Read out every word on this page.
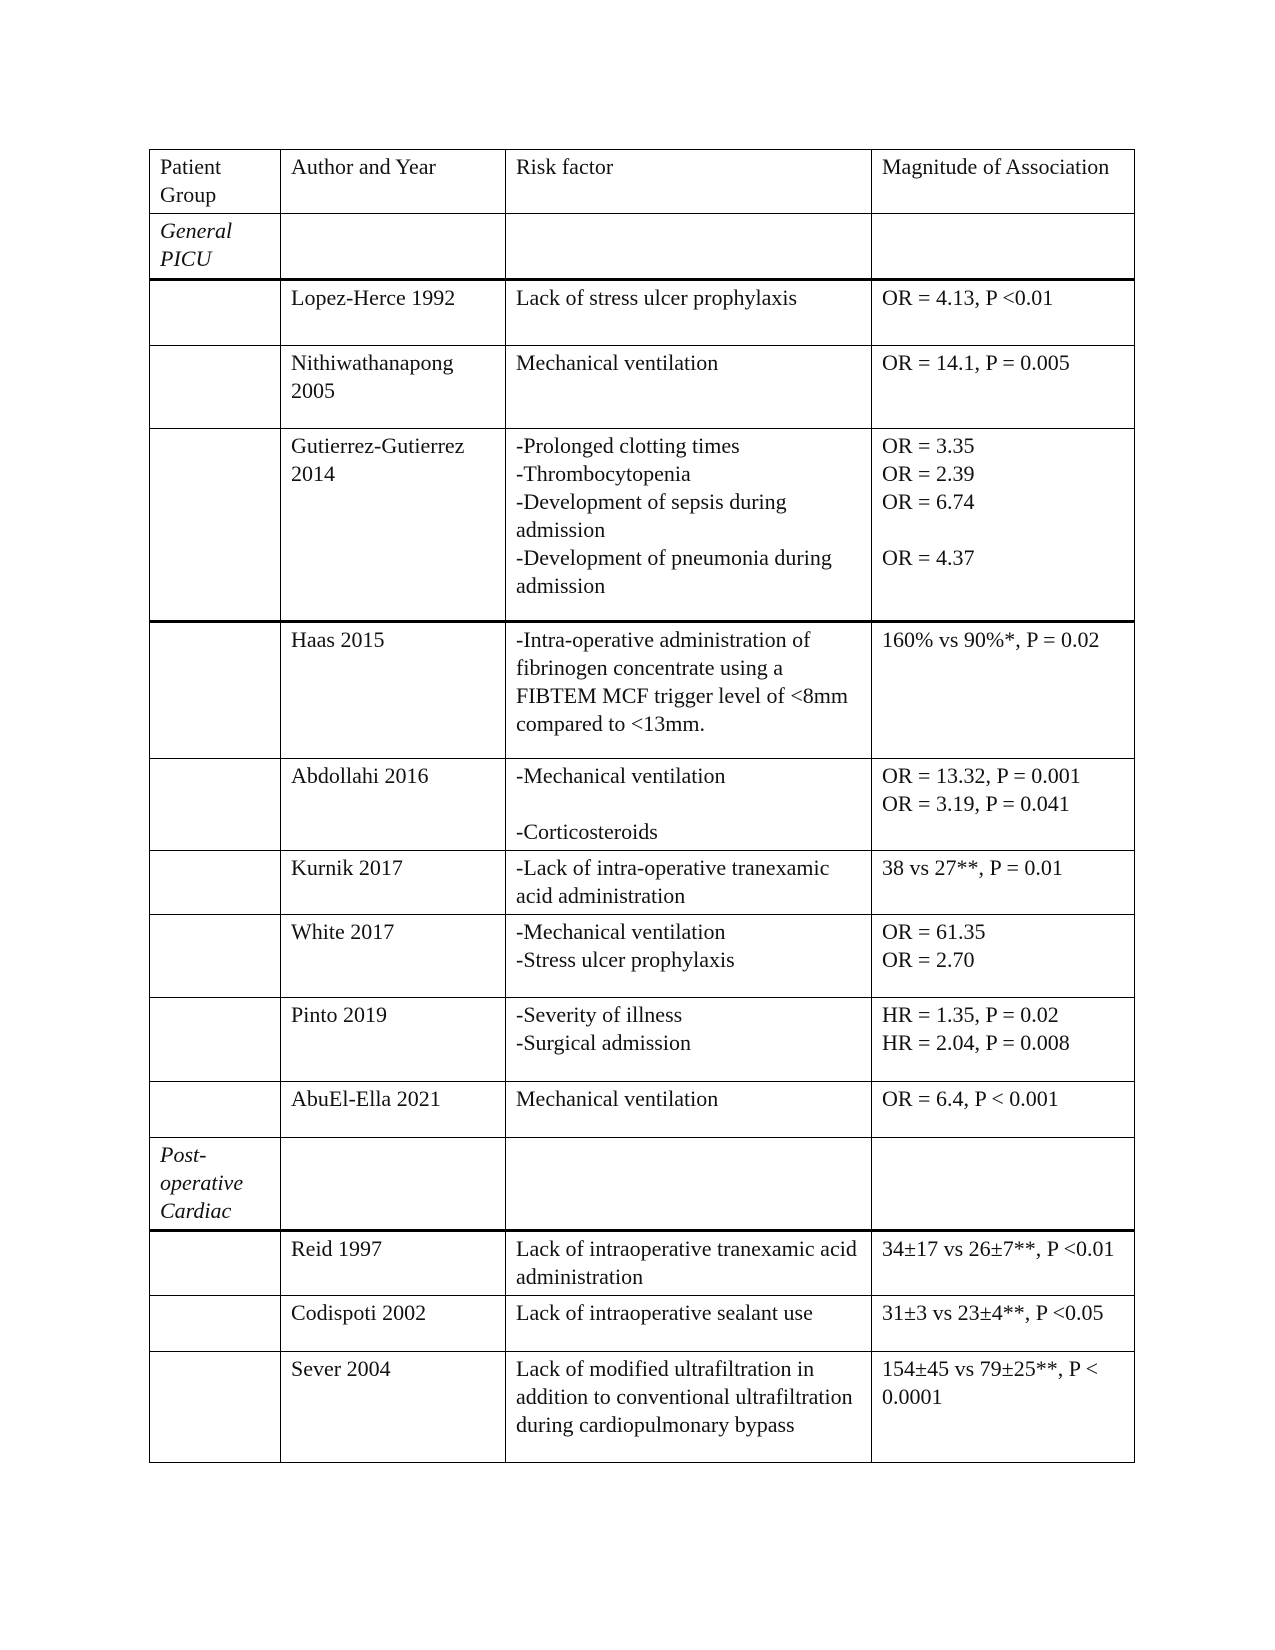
Patient Group	Author and Year	Risk factor	Magnitude of Association
General PICU			
	Lopez-Herce 1992	Lack of stress ulcer prophylaxis	OR = 4.13, P <0.01

	Nithiwathanapong 2005	Mechanical ventilation	OR = 14.1, P = 0.005

	Gutierrez-Gutierrez 2014	-Prolonged clotting times
-Thrombocytopenia
-Development of sepsis during admission
-Development of pneumonia during admission	OR = 3.35
OR = 2.39
OR = 6.74
OR = 4.37

	Haas 2015	-Intra-operative administration of fibrinogen concentrate using a FIBTEM MCF trigger level of <8mm compared to <13mm.	160% vs 90%*, P = 0.02

	Abdollahi 2016	-Mechanical ventilation
-Corticosteroids	OR = 13.32, P = 0.001
OR = 3.19, P = 0.041

	Kurnik 2017	-Lack of intra-operative tranexamic acid administration	38 vs 27**, P = 0.01

	White 2017	-Mechanical ventilation
-Stress ulcer prophylaxis	OR = 61.35
OR = 2.70

	Pinto 2019	-Severity of illness
-Surgical admission	HR = 1.35, P = 0.02
HR = 2.04, P = 0.008

	AbuEl-Ella 2021	Mechanical ventilation	OR = 6.4, P < 0.001

Post-operative Cardiac			
	Reid 1997	Lack of intraoperative tranexamic acid administration	34±17 vs 26±7**, P <0.01

	Codispoti 2002	Lack of intraoperative sealant use	31±3 vs 23±4**, P <0.05

	Sever 2004	Lack of modified ultrafiltration in addition to conventional ultrafiltration during cardiopulmonary bypass	154±45 vs 79±25**, P < 0.0001
